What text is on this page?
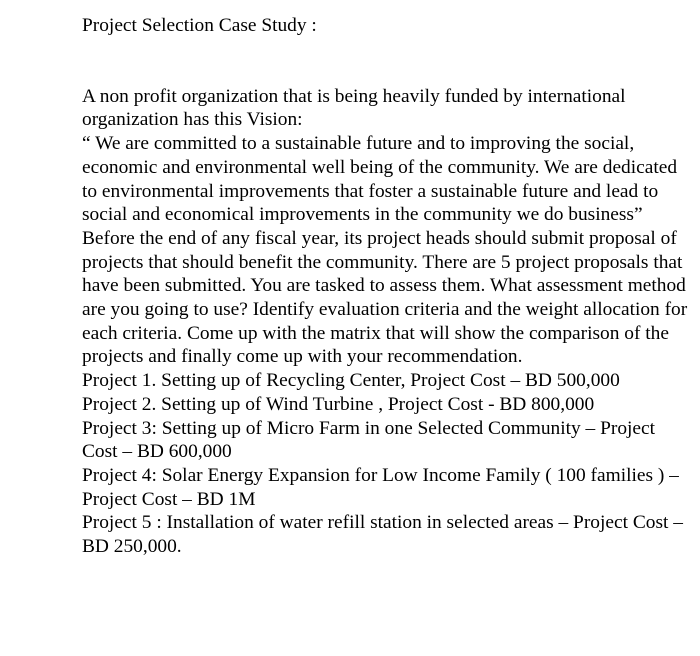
Project Selection Case Study :

A non profit organization that is being heavily funded by international organization has this Vision:

“ We are committed to a sustainable future and to improving the social, economic and environmental well being of the community. We are dedicated to environmental improvements that foster a sustainable future and lead to social and economical improvements in the community we do business”

Before the end of any fiscal year, its project heads should submit proposal of projects that should benefit the community. There are 5 project proposals that have been submitted. You are tasked to assess them. What assessment method are you going to use? Identify evaluation criteria and the weight allocation for each criteria. Come up with the matrix that will show the comparison of the projects and finally come up with your recommendation.

Project 1. Setting up of Recycling Center, Project Cost – BD 500,000

Project 2. Setting up of Wind Turbine , Project Cost - BD 800,000

Project 3: Setting up of Micro Farm in one Selected Community – Project Cost – BD 600,000

Project 4: Solar Energy Expansion for Low Income Family ( 100 families ) – Project Cost – BD 1M

Project 5 : Installation of water refill station in selected areas – Project Cost – BD 250,000.
